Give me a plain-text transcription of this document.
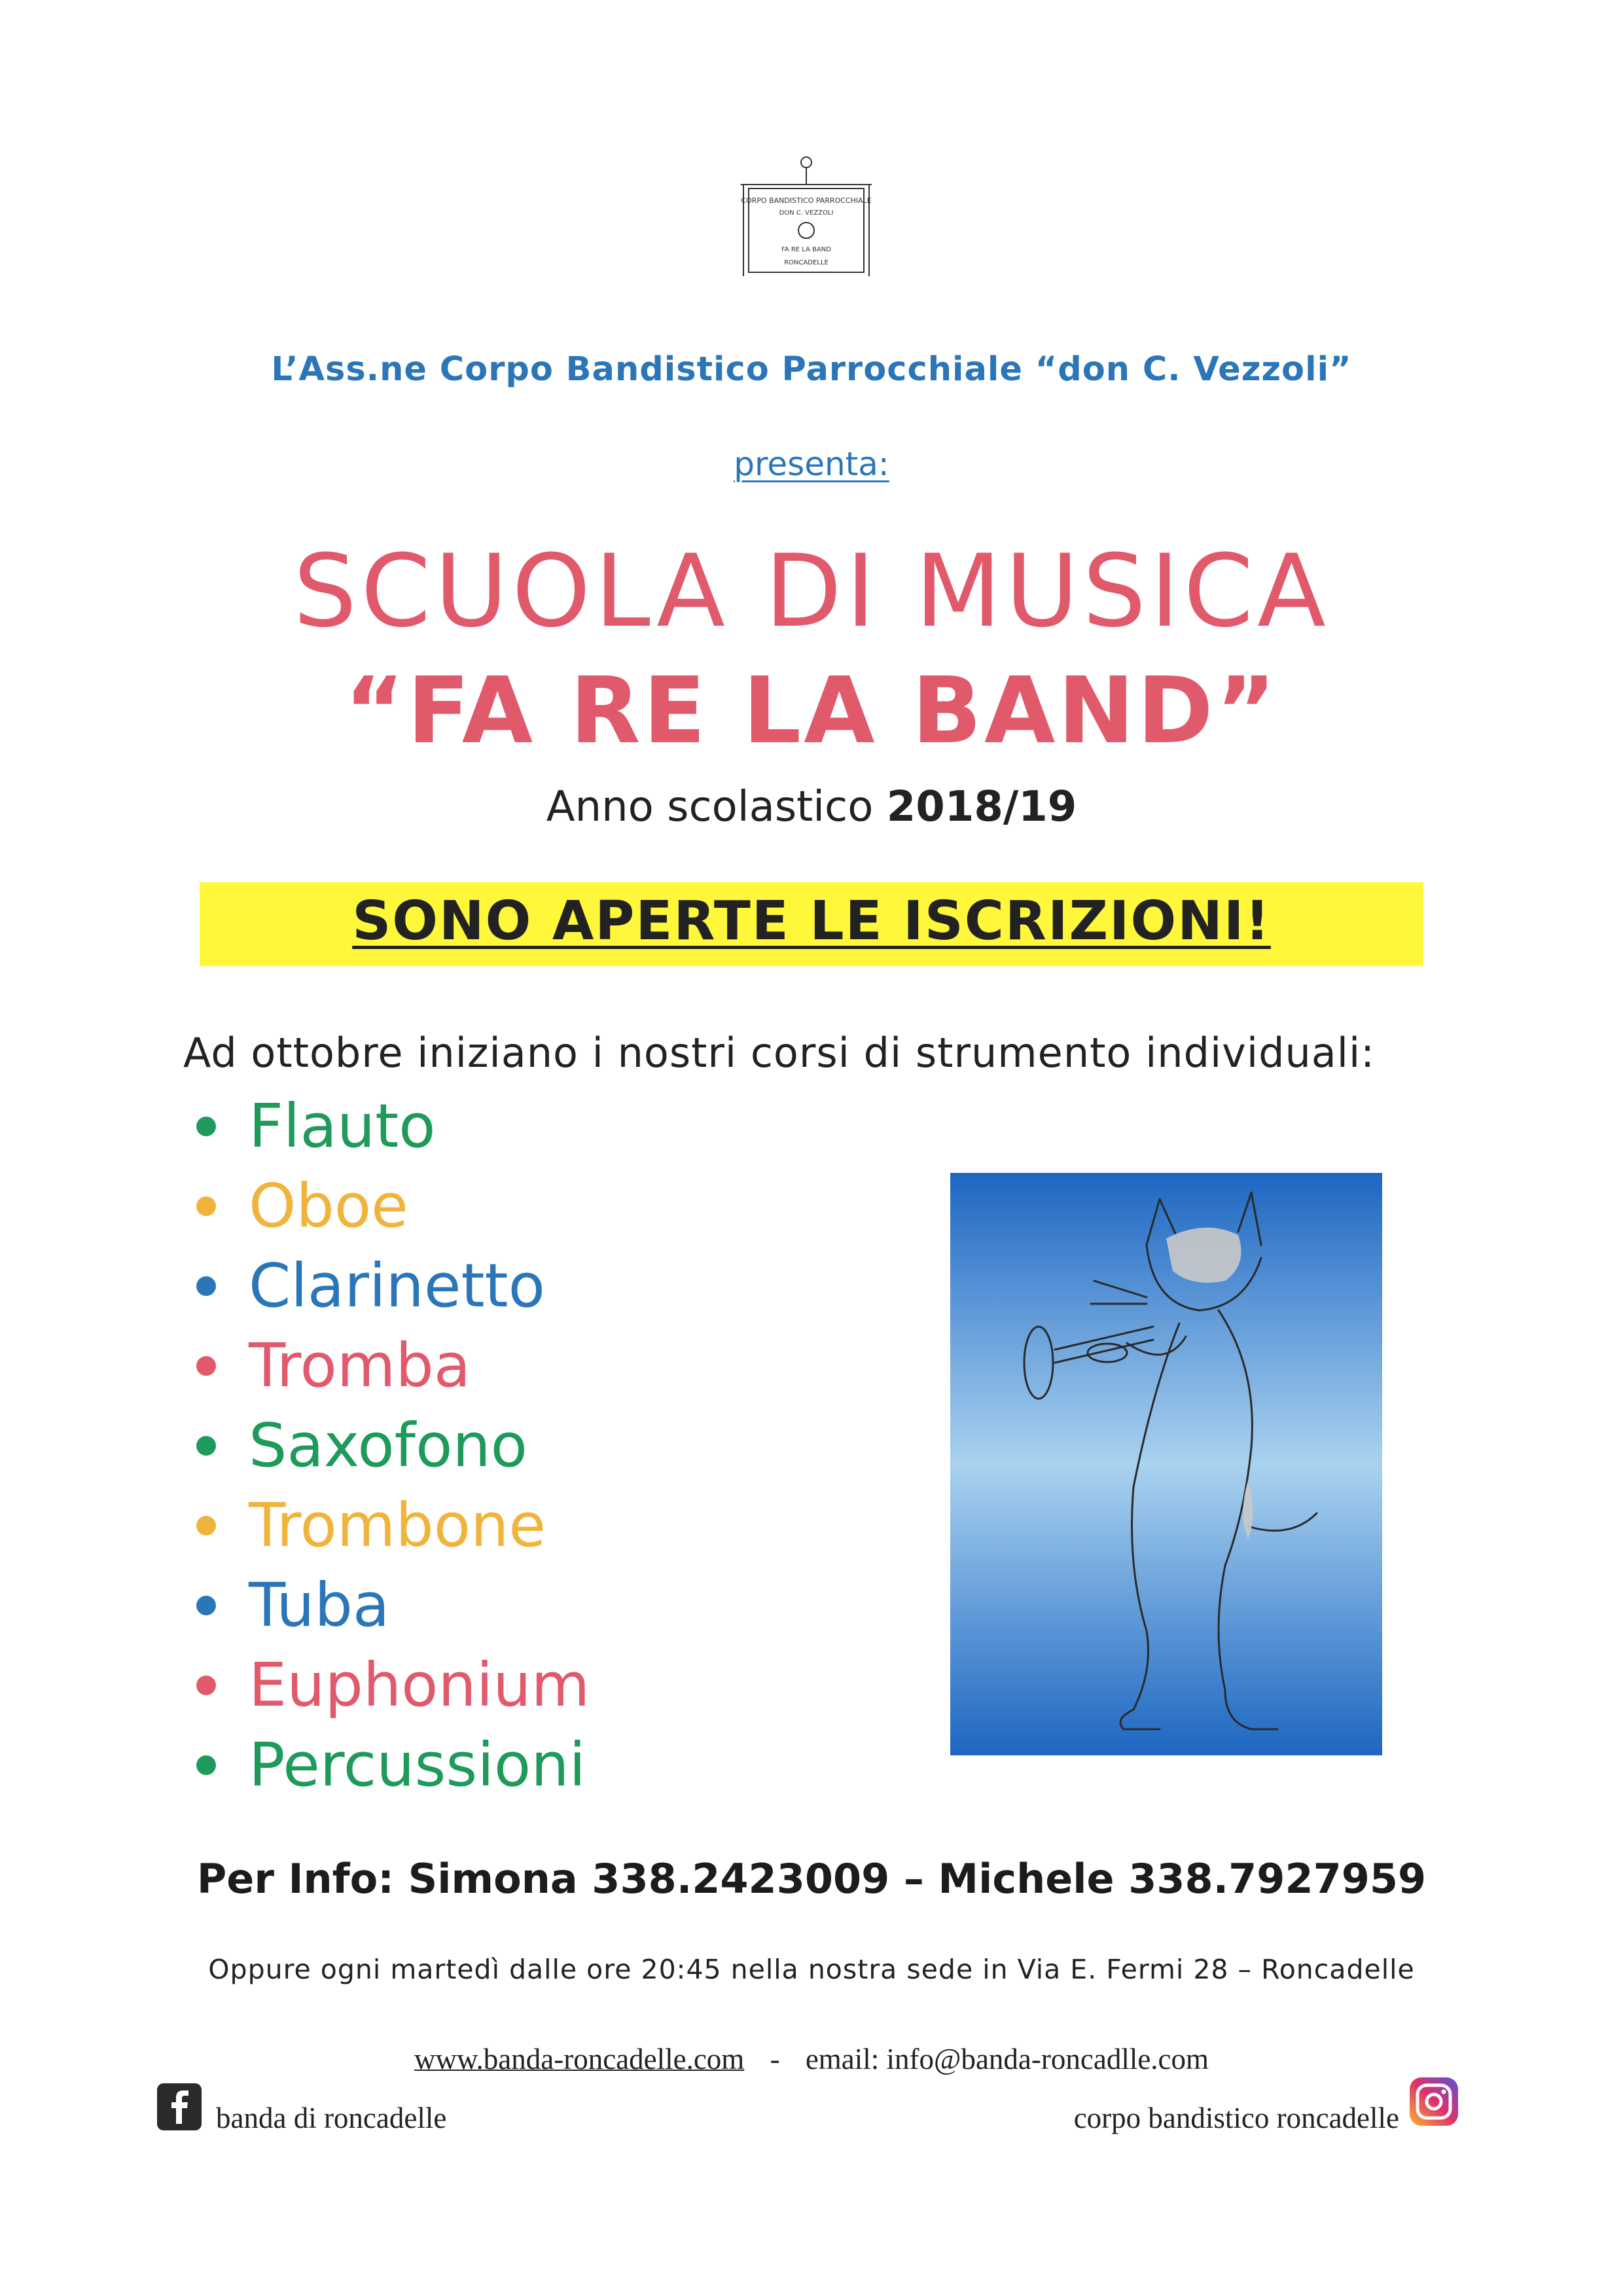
CORPO BANDISTICO PARROCCHIALE
DON C. VEZZOLI
FA RE LA BAND
RONCADELLE
L’Ass.ne Corpo Bandistico Parrocchiale “don C. Vezzoli”
presenta:
SCUOLA DI MUSICA
“FA RE LA BAND”
Anno scolastico 2018/19
SONO APERTE LE ISCRIZIONI!
Ad ottobre iniziano i nostri corsi di strumento individuali:
Flauto
Oboe
Clarinetto
Tromba
Saxofono
Trombone
Tuba
Euphonium
Percussioni
Per Info: Simona 338.2423009 – Michele 338.7927959
Oppure ogni martedì dalle ore 20:45 nella nostra sede in Via E. Fermi 28 – Roncadelle
www.banda-roncadelle.com - email: info@banda-roncadlle.com
banda di roncadelle	corpo bandistico roncadelle
